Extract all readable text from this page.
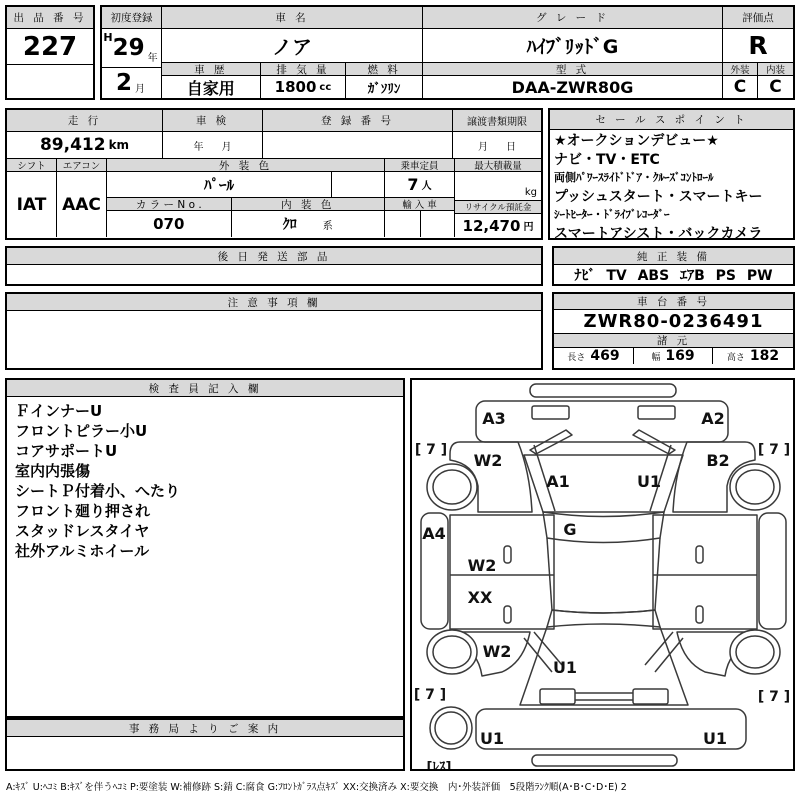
出 品 番 号
227
初度登録
H 29 年
2 月
車 名
ノア
車 歴
自家用
排 気 量
1800 cc
燃 料
ｶﾞｿﾘﾝ
グ レ ー ド
ﾊｲﾌﾞﾘｯﾄﾞG
型 式
DAA-ZWR80G
評価点
R
外装
C
内装
C
走 行
89,412 km
車 検
年 月
登 録 番 号	譲渡書類期限
月 日
シフト
IAT
エアコン
AAC
外 装 色
ﾊﾟｰﾙ
カ ラ ー N o .
070
内 装 色
ｸﾛ	系
乗車定員
7 人
輸 入 車
最大積載量
kg
リサイクル預託金
12,470 円
セ ー ル ス ポ イ ン ト
★オークションデビュー★
ナビ・TV・ETC
両側ﾊﾟﾜｰｽﾗｲﾄﾞﾄﾞｱ・ｸﾙｰｽﾞｺﾝﾄﾛｰﾙ
プッシュスタート・スマートキー
ｼｰﾄﾋｰﾀｰ・ﾄﾞﾗｲﾌﾞﾚｺｰﾀﾞｰ
スマートアシスト・バックカメラ
後 日 発 送 部 品	純 正 装 備
ﾅﾋﾞ TV ABS ｴｱB PS PW
注 意 事 項 欄	車 台 番 号
ZWR80-0236491
諸 元
長さ 469	幅 169	高さ 182
検 査 員 記 入 欄
ＦインナーU
フロントピラー小U
コアサポートU
室内内張傷
シートＰ付着小、へたり
フロント廻り押され
スタッドレスタイヤ
社外アルミホイール
事 務 局 よ り ご 案 内
A3	A2
[ 7 ]	[ 7 ]
W2	B2
A1	U1
A4	G
W2
XX
W2
U1
[ 7 ]	[ 7 ]
U1	U1
[ﾚｽ]
A:ｷｽﾞ U:ﾍｺﾐ B:ｷｽﾞを伴うﾍｺﾐ P:要塗装 W:補修跡 S:錆 C:腐食 G:ﾌﾛﾝﾄｶﾞﾗｽ点ｷｽﾞ XX:交換済み X:要交換　内･外装評価　5段階ﾗﾝｸ順(A･B･C･D･E) 2
